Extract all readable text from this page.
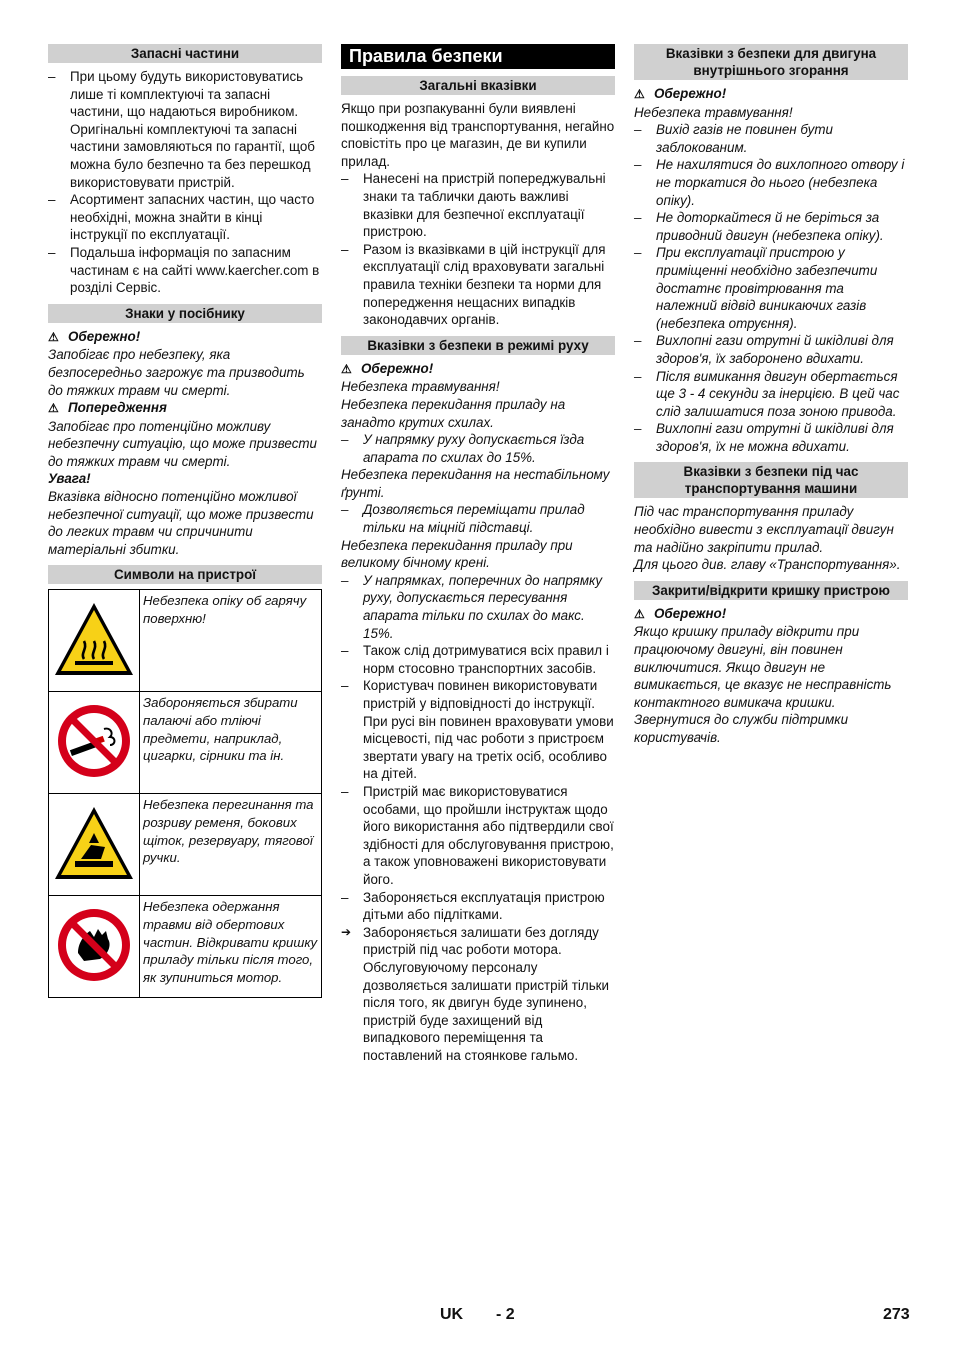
Запасні частини
– При цьому будуть використовуватись лише ті комплектуючі та запасні частини, що надаються виробником. Оригінальні комплектуючі та запасні частини замовляються по гарантії, щоб можна було безпечно та без перешкод використовувати пристрій.
– Асортимент запасних частин, що часто необхідні, можна знайти в кінці інструкції по експлуатації.
– Подальша інформація по запасним частинам є на сайті www.kaercher.com в розділі Сервіс.
Знаки у посібнику

⚠ Обережно!

Запобігає про небезпеку, яка безпосередньо загрожує та призводить до тяжких травм чи смерті.

⚠ Попередження

Запобігає про потенційно можливу небезпечну ситуацію, що може призвести до тяжких травм чи смерті.

Увага!

Вказівка відносно потенційно можливої небезпечної ситуації, що може призвести до легких травм чи спричинити матеріальні збитки.

Символи на пристрої
	Небезпека опіку об гарячу поверхню!
	Забороняється збирати палаючі або тліючі предмети, наприклад, цигарки, сірники та ін.
	Небезпека перегинання та розриву ременя, бокових щіток, резервуару, тягової ручки.
	Небезпека одержання травми від обертових частин. Відкривати кришку приладу тільки після того, як зупиниться мотор.
Правила безпеки
Загальні вказівки

Якщо при розпакуванні були виявлені пошкодження від транспортування, негайно сповістіть про це магазин, де ви купили прилад.

– Нанесені на пристрій попереджувальні знаки та таблички дають важливі вказівки для безпечної експлуатації пристрою.
– Разом із вказівками в цій інструкції для експлуатації слід враховувати загальні правила техніки безпеки та норми для попередження нещасних випадків законодавчих органів.
Вказівки з безпеки в режимі руху

⚠ Обережно!

Небезпека травмування!

Небезпека перекидання приладу на занадто крутих схилах.

– У напрямку руху допускається їзда апарата по схилах до 15%.

Небезпека перекидання на нестабільному ґрунті.

– Дозволяється переміщати прилад тільки на міцній підставці.

Небезпека перекидання приладу при великому бічному крені.

– У напрямках, поперечних до напрямку руху, допускається пересування апарата тільки по схилах до макс. 15%.
– Також слід дотримуватися всіх правил і норм стосовно транспортних засобів.
– Користувач повинен використовувати пристрій у відповідності до інструкції. При русі він повинен враховувати умови місцевості, під час роботи з пристроєм звертати увагу на третіх осіб, особливо на дітей.
– Пристрій має використовуватися особами, що пройшли інструктаж щодо його використання або підтвердили свої здібності для обслуговування пристрою, а також уповноважені використовувати його.
– Забороняється експлуатація пристрою дітьми або підлітками.
➔ Забороняється залишати без догляду пристрій під час роботи мотора. Обслуговуючому персоналу дозволяється залишати пристрій тільки після того, як двигун буде зупинено, пристрій буде захищений від випадкового переміщення та поставлений на стоянкове гальмо.
Вказівки з безпеки для двигуна внутрішнього згорання

⚠ Обережно!

Небезпека травмування!

– Вихід газів не повинен бути заблокованим.
– Не нахилятися до вихлопного отвору і не торкатися до нього (небезпека опіку).
– Не доторкайтеся й не беріться за приводний двигун (небезпека опіку).
– При експлуатації пристрою у приміщенні необхідно забезпечити достатнє провітрювання та належний відвід виникаючих газів (небезпека отруєння).
– Вихлопні гази отрутні й шкідливі для здоров'я, їх заборонено вдихати.
– Після вимикання двигун обертається ще 3 - 4 секунди за інерцією. В цей час слід залишатися поза зоною привода.
– Вихлопні гази отрутні й шкідливі для здоров'я, їх не можна вдихати.
Вказівки з безпеки під час транспортування машини

Під час транспортування приладу необхідно вивести з експлуатації двигун та надійно закріпити прилад.

Для цього див. главу «Транспортування».

Закрити/відкрити кришку пристрою

⚠ Обережно!

Якщо кришку приладу відкрити при працюючому двигуні, він повинен виключитися. Якщо двигун не вимикається, це вказує не несправність контактного вимикача кришки. Звернутися до служби підтримки користувачів.

UK - 2	273
